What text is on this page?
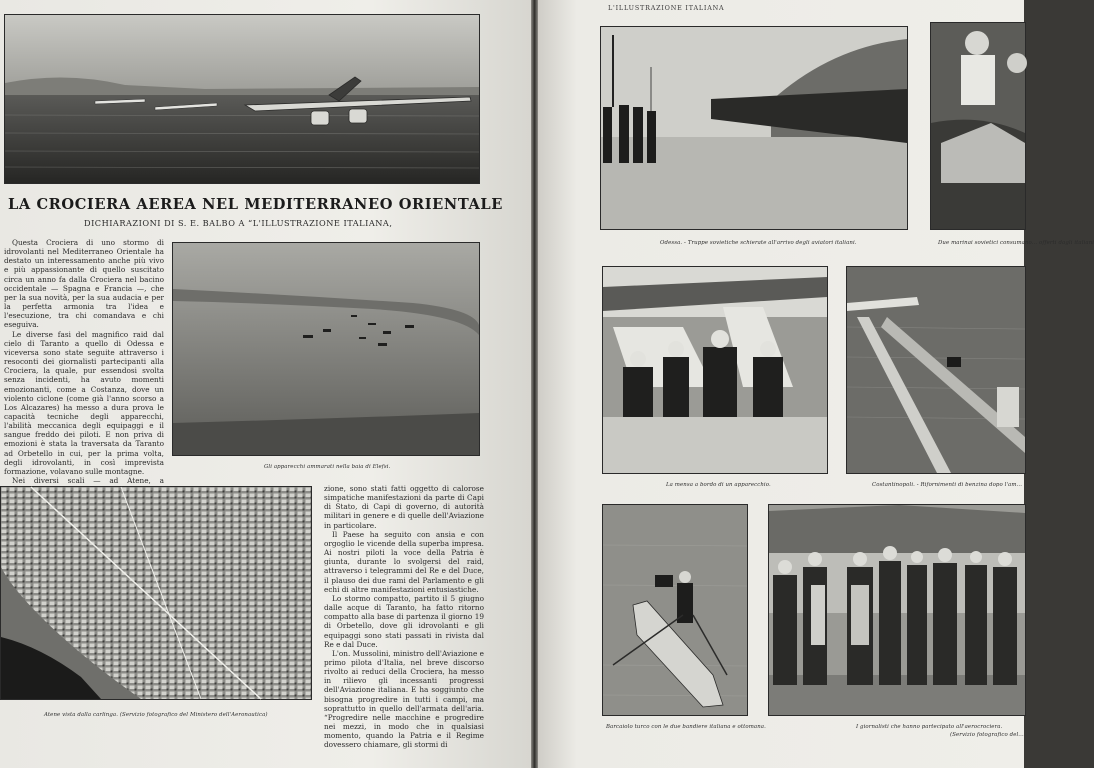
LA CROCIERA AEREA NEL MEDITERRANEO ORIENTALE
DICHIARAZIONI DI S. E. BALBO A “L'ILLUSTRAZIONE ITALIANA,

Questa Crociera di uno stormo di idrovolanti nel Mediterraneo Orientale ha destato un interessamento anche più vivo e più appassionante di quello suscitato circa un anno fa dalla Crociera nel bacino occidentale — Spagna e Francia —, che per la sua novità, per la sua audacia e per la perfetta armonia tra l'idea e l'esecuzione, tra chi comandava e chi eseguiva.

Le diverse fasi del magnifico raid dal cielo di Taranto a quello di Odessa e viceversa sono state seguite attraverso i resoconti dei giornalisti partecipanti alla Crociera, la quale, pur essendosi svolta senza incidenti, ha avuto momenti emozionanti, come a Costanza, dove un violento ciclone (come già l'anno scorso a Los Alcazares) ha messo a dura prova le capacità tecniche degli apparecchi, l'abilità meccanica degli equipaggi e il sangue freddo dei piloti. E non priva di emozioni è stata la traversata da Taranto ad Orbetello in cui, per la prima volta, degli idrovolanti, in così imprevista formazione, volavano sulle montagne.

Nei diversi scali — ad Atene, a

Gli apparecchi ammarati nella baia di Elefsi.
Atene vista dalla carlinga. (Servizio fotografico del Ministero dell'Aeronautica)

zione, sono stati fatti oggetto di calorose simpatiche manifestazioni da parte di Capi di Stato, di Capi di governo, di autorità militari in genere e di quelle dell'Aviazione in particolare.

Il Paese ha seguito con ansia e con orgoglio le vicende della superba impresa. Ai nostri piloti la voce della Patria è giunta, durante lo svolgersi del raid, attraverso i telegrammi del Re e del Duce, il plauso dei due rami del Parlamento e gli echi di altre manifestazioni entusiastiche.

Lo stormo compatto, partito il 5 giugno dalle acque di Taranto, ha fatto ritorno compatto alla base di partenza il giorno 19 di Orbetello, dove gli idrovolanti e gli equipaggi sono stati passati in rivista dal Re e dal Duce.

L'on. Mussolini, ministro dell'Aviazione e primo pilota d'Italia, nel breve discorso rivolto ai reduci della Crociera, ha messo in rilievo gli incessanti progressi dell'Aviazione italiana. E ha soggiunto che bisogna progredire in tutti i campi, ma soprattutto in quello dell'armata dell'aria. “Progredire nelle macchine e progredire nei mezzi, in modo che in qualsiasi momento, quando la Patria e il Regime dovessero chiamare, gli stormi di

L'ILLUSTRAZIONE ITALIANA
Odessa. - Truppe sovietiche schierate all'arrivo degli aviatori italiani.	Due marinai sovietici consumano... offerti dagli italiani
La mensa a bordo di un apparecchio.	Costantinopoli. - Rifornimenti di benzina dopo l'am...
Barcaiolo turco con le due bandiere italiana e ottomana.	I giornalisti che hanno partecipato all'aerocrociera.
(Servizio fotografico del...
